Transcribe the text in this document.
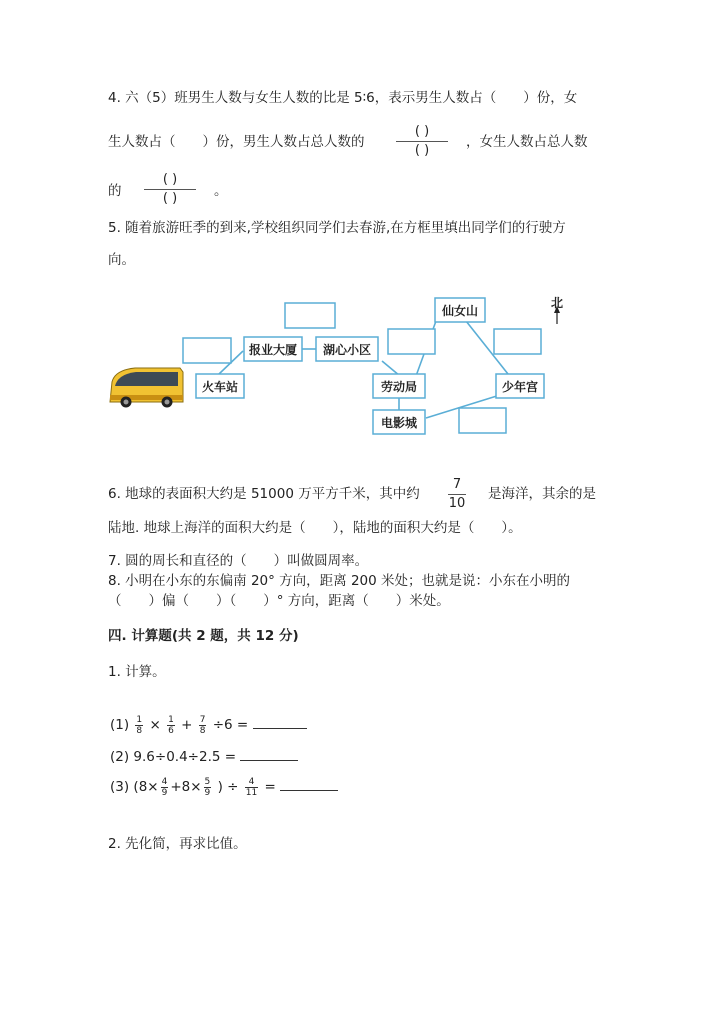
4. 六（5）班男生人数与女生人数的比是 5∶6，表示男生人数占（　　）份，女
生人数占（　　）份，男生人数占总人数的
( )
( )
，女生人数占总人数
的
( )
( )	。
5. 随着旅游旺季的到来,学校组织同学们去春游,在方框里填出同学们的行驶方
向。
报业大厦 湖心小区
火车站	劳动局
仙女山
少年宫
电影城
北
6. 地球的表面积大约是 51000 万平方千米，其中约
7
10
是海洋，其余的是
陆地. 地球上海洋的面积大约是（　　），陆地的面积大约是（　　）。
7. 圆的周长和直径的（　　）叫做圆周率。
8. 小明在小东的东偏南 20° 方向，距离 200 米处；也就是说：小东在小明的
（　　）偏（　　）（　　）° 方向，距离（　　）米处。
四. 计算题(共 2 题，共 12 分)
1. 计算。
$(1) \frac{1}{8} \times \frac{1}{6} + \frac{7}{8} \div 6$ =
(2) 9.6÷0.4÷2.5 =
(3) ($8\times \frac{4}{9} +8\times \frac{5}{9}$ ) ÷ $\frac{4}{11}$ =
2. 先化简，再求比值。
